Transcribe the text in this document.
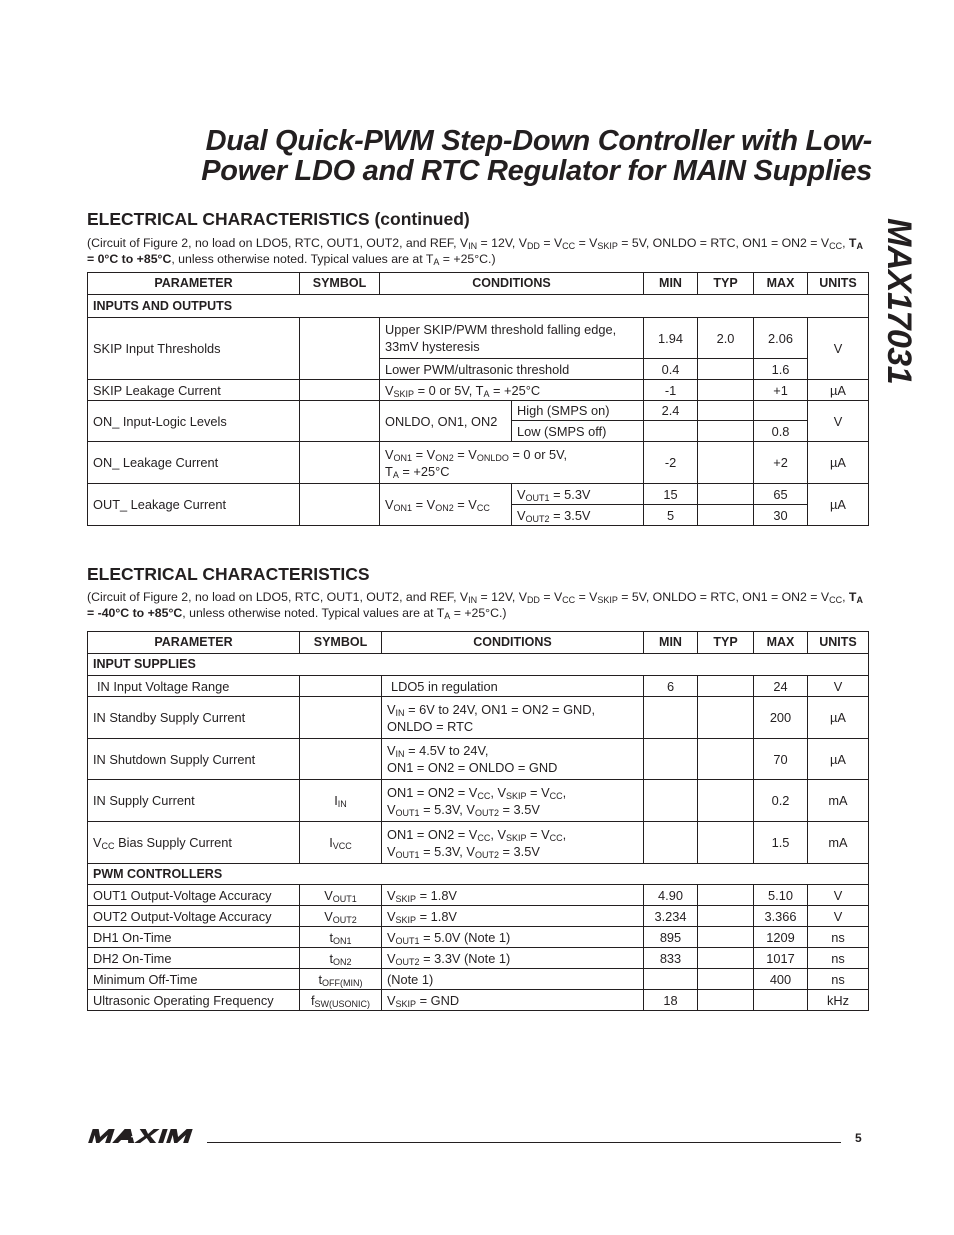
Dual Quick-PWM Step-Down Controller with Low-
Power LDO and RTC Regulator for MAIN Supplies
MAX17031
ELECTRICAL CHARACTERISTICS (continued)
(Circuit of Figure 2, no load on LDO5, RTC, OUT1, OUT2, and REF, $V_{IN} = 12V$, $V_{DD} = V_{CC} = V_{SKIP} = 5V$, ONLDO = RTC, $ON1 = ON2 = V_{CC}$, $T_A = 0^\circ C$ to +85°C, unless otherwise noted. Typical values are at $T_A = +25^\circ C$.)
PARAMETER	SYMBOL	CONDITIONS		MIN	TYP	MAX	UNITS
INPUTS AND OUTPUTS							
SKIP Input Thresholds		Upper SKIP/PWM threshold falling edge, 33mV hysteresis		1.94	2.0	2.06	V
		Lower PWM/ultrasonic threshold		0.4		1.6	
SKIP Leakage Current		$V_{SKIP} = 0$ or 5V, $T_A = +25^\circ C$		-1		+1	µA
ON_ Input-Logic Levels		ONLDO, ON1, ON2	High (SMPS on)	2.4			V
			Low (SMPS off)			0.8	
ON_ Leakage Current		$V_{ON1} = V_{ON2} = V_{ONLDO} = 0$ or 5V,
$T_A = +25^\circ C$		-2		+2	µA
OUT_ Leakage Current		$V_{ON1} = V_{ON2} = V_{CC}$	$V_{OUT1} = 5.3V$	15		65	µA
			$V_{OUT2} = 3.5V$	5		30	
ELECTRICAL CHARACTERISTICS
(Circuit of Figure 2, no load on LDO5, RTC, OUT1, OUT2, and REF, $V_{IN} = 12V$, $V_{DD} = V_{CC} = V_{SKIP} = 5V$, ONLDO = RTC, $ON1 = ON2 = V_{CC}$, $T_A = -40^\circ C$ to +85°C, unless otherwise noted. Typical values are at $T_A = +25^\circ C$.)
PARAMETER	SYMBOL	CONDITIONS	MIN	TYP	MAX	UNITS
INPUT SUPPLIES						
IN Input Voltage Range		LDO5 in regulation	6		24	V
IN Standby Supply Current		$V_{IN} = 6V$ to 24V, ON1 = ON2 = GND,
ONLDO = RTC			200	µA
IN Shutdown Supply Current		$V_{IN} = 4.5V$ to 24V,
ON1 = ON2 = ONLDO = GND			70	µA
IN Supply Current	$I_{IN}$	$ON1 = ON2 = V_{CC}$, $V_{SKIP} = V_{CC}$,
$V_{OUT1} = 5.3V$, $V_{OUT2} = 3.5V$			0.2	mA
$V_{CC}$ Bias Supply Current	$I_{VCC}$	$ON1 = ON2 = V_{CC}$, $V_{SKIP} = V_{CC}$,
$V_{OUT1} = 5.3V$, $V_{OUT2} = 3.5V$			1.5	mA
PWM CONTROLLERS						
OUT1 Output-Voltage Accuracy	$V_{OUT1}$	$V_{SKIP} = 1.8V$	4.90		5.10	V
OUT2 Output-Voltage Accuracy	$V_{OUT2}$	$V_{SKIP} = 1.8V$	3.234		3.366	V
DH1 On-Time	$t_{ON1}$	$V_{OUT1} = 5.0V$ (Note 1)	895		1209	ns
DH2 On-Time	$t_{ON2}$	$V_{OUT2} = 3.3V$ (Note 1)	833		1017	ns
Minimum Off-Time	$t_{OFF(MIN)}$	(Note 1)			400	ns
Ultrasonic Operating Frequency	$f_{SW(USONIC)}$	$V_{SKIP}$ = GND	18			kHz
5
